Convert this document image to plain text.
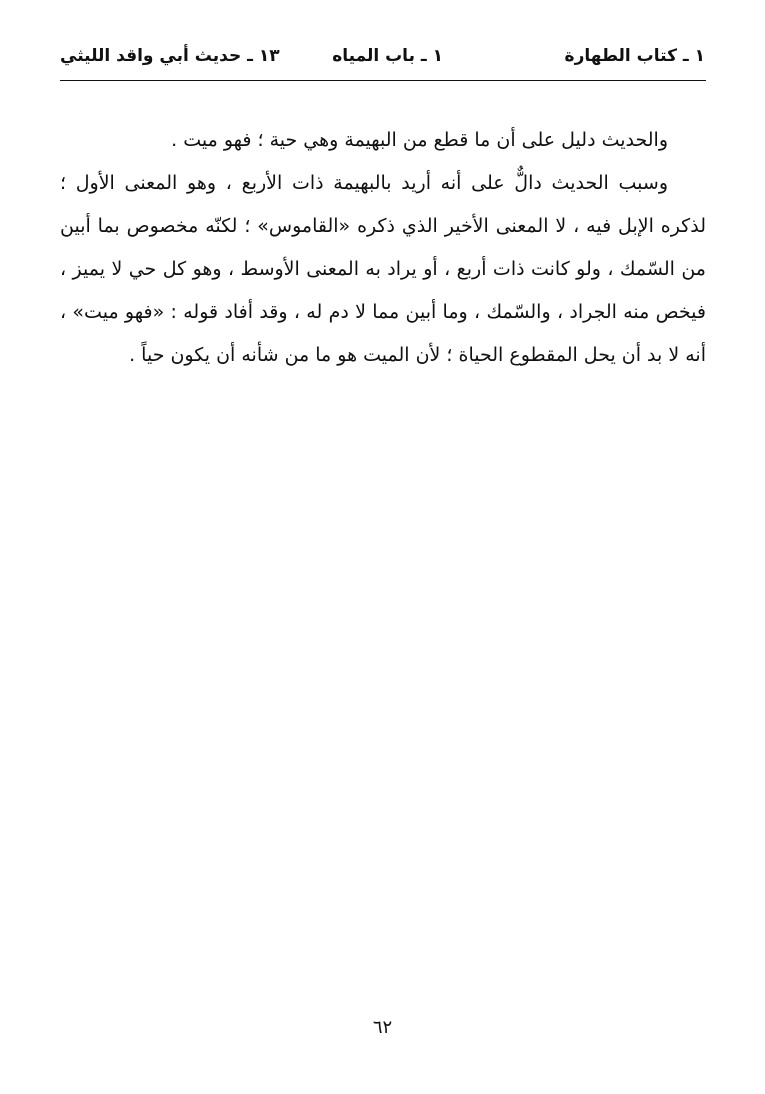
١ ـ كتاب الطهارة
١ ـ باب المياه
١٣ ـ حديث أبي واقد الليثي

والحديث دليل على أن ما قطع من البهيمة وهي حية ؛ فهو ميت .

وسبب الحديث دالٌّ على أنه أريد بالبهيمة ذات الأربع ، وهو المعنى الأول ؛ لذكره الإبل فيه ، لا المعنى الأخير الذي ذكره «القاموس» ؛ لكنّه مخصوص بما أبين من السّمك ، ولو كانت ذات أربع ، أو يراد به المعنى الأوسط ، وهو كل حي لا يميز ، فيخص منه الجراد ، والسّمك ، وما أبين مما لا دم له ، وقد أفاد قوله : «فهو ميت» ، أنه لا بد أن يحل المقطوع الحياة ؛ لأن الميت هو ما من شأنه أن يكون حياً .

٦٢
